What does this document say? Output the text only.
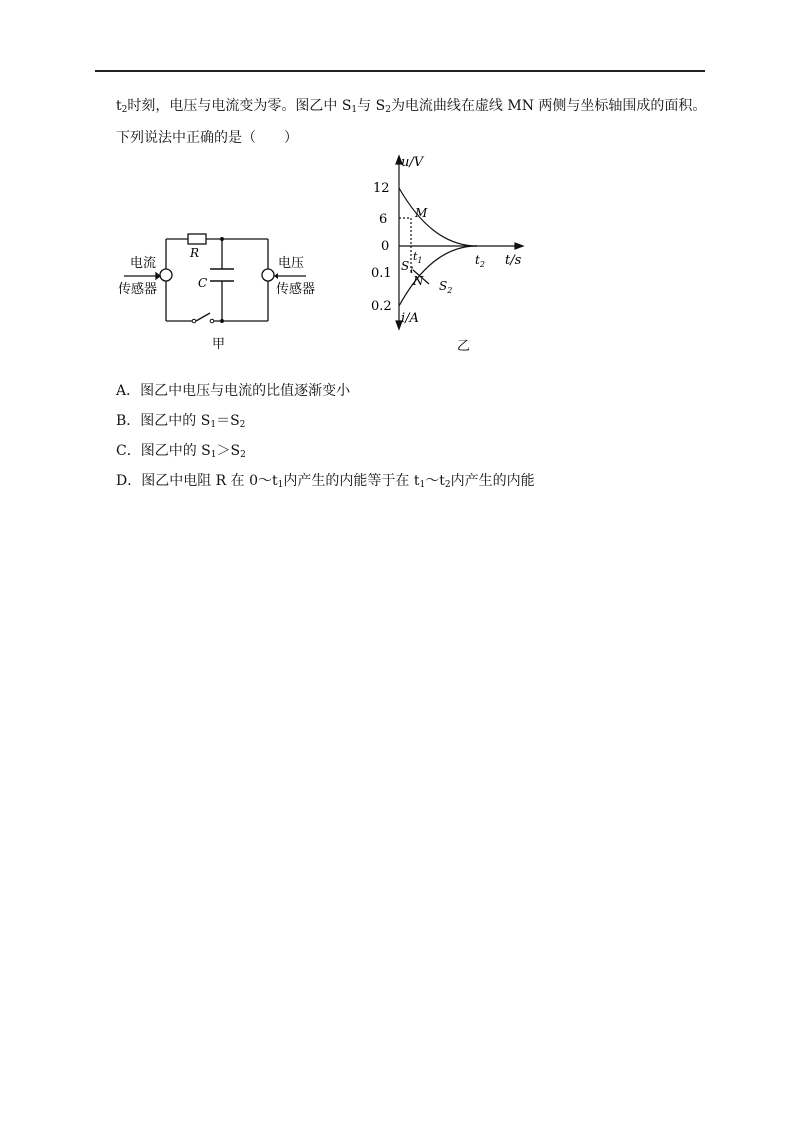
$t_2$时刻，电压与电流变为零。图乙中 $S_1$与 $S_2$为电流曲线在虚线 MN 两侧与坐标轴围成的面积。
下列说法中正确的是（　　）
R
C
电流
传感器
电压
传感器
甲
u/V
i/A
t/s
12
6
0
0.1
0.2
M
N
$S_1$
$S_2$
$t_1$	$t_2$
乙
A．图乙中电压与电流的比值逐渐变小
B．图乙中的 $S_1=S_2$
C．图乙中的 $S_1>S_2$
D．图乙中电阻 R 在 $0\sim t_1$内产生的内能等于在 $t_1\sim t_2$内产生的内能
